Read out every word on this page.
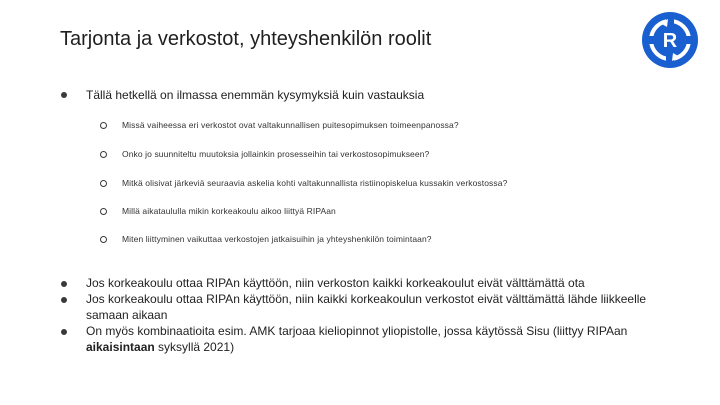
Tarjonta ja verkostot, yhteyshenkilön roolit	R
Tällä hetkellä on ilmassa enemmän kysymyksiä kuin vastauksia
Missä vaiheessa eri verkostot ovat valtakunnallisen puitesopimuksen toimeenpanossa?
Onko jo suunniteltu muutoksia jollainkin prosesseihin tai verkostosopimukseen?
Mitkä olisivat järkeviä seuraavia askelia kohti valtakunnallista ristiinopiskelua kussakin verkostossa?
Millä aikataululla mikin korkeakoulu aikoo liittyä RIPAan
Miten liittyminen vaikuttaa verkostojen jatkaisuihin ja yhteyshenkilön toimintaan?
Jos korkeakoulu ottaa RIPAn käyttöön, niin verkoston kaikki korkeakoulut eivät välttämättä ota
Jos korkeakoulu ottaa RIPAn käyttöön, niin kaikki korkeakoulun verkostot eivät välttämättä lähde liikkeelle samaan aikaan
On myös kombinaatioita esim. AMK tarjoaa kieliopinnot yliopistolle, jossa käytössä Sisu (liittyy RIPAan aikaisintaan syksyllä 2021)
